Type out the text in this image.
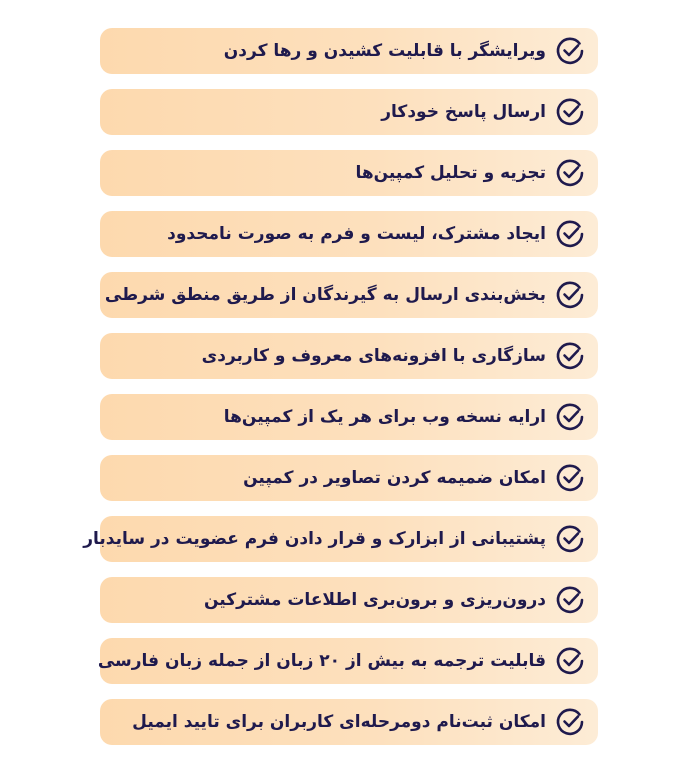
ویرایشگر با قابلیت کشیدن و رها کردن
ارسال پاسخ خودکار
تجزیه و تحلیل کمپین‌ها
ایجاد مشترک، لیست و فرم به صورت نامحدود
بخش‌بندی ارسال به گیرندگان از طریق منطق شرطی
سازگاری با افزونه‌های معروف و کاربردی
ارایه نسخه وب برای هر یک از کمپین‌ها
امکان ضمیمه کردن تصاویر در کمپین
پشتیبانی از ابزارک و قرار دادن فرم عضویت در سایدبار
درون‌ریزی و برون‌بری اطلاعات مشترکین
قابلیت ترجمه به بیش از ۲۰ زبان از جمله زبان فارسی
امکان ثبت‌نام دومرحله‌ای کاربران برای تایید ایمیل
